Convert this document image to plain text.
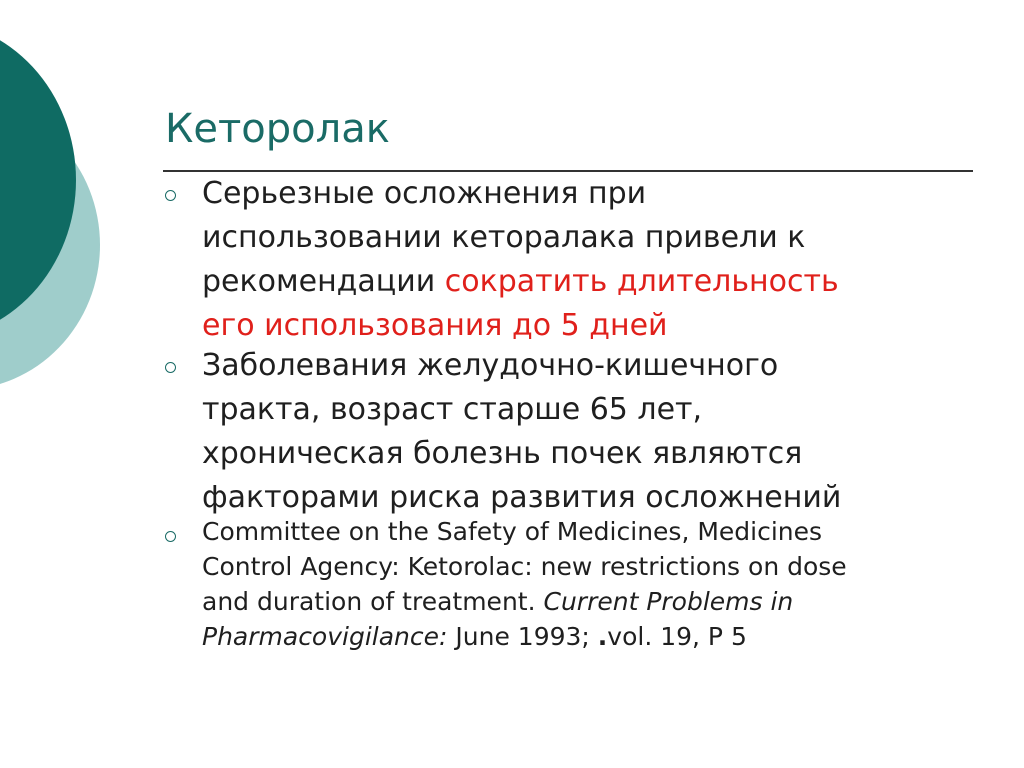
Кеторолак

Серьезные осложнения при
использовании кеторалака привели к
рекомендации сократить длительность
его использования до 5 дней

Заболевания желудочно-кишечного
тракта, возраст старше 65 лет,
хроническая болезнь почек являются
факторами риска развития осложнений

Committee on the Safety of Medicines, Medicines
Control Agency: Ketorolac: new restrictions on dose
and duration of treatment. Current Problems in
Pharmacovigilance: June 1993; .vol. 19, P 5
